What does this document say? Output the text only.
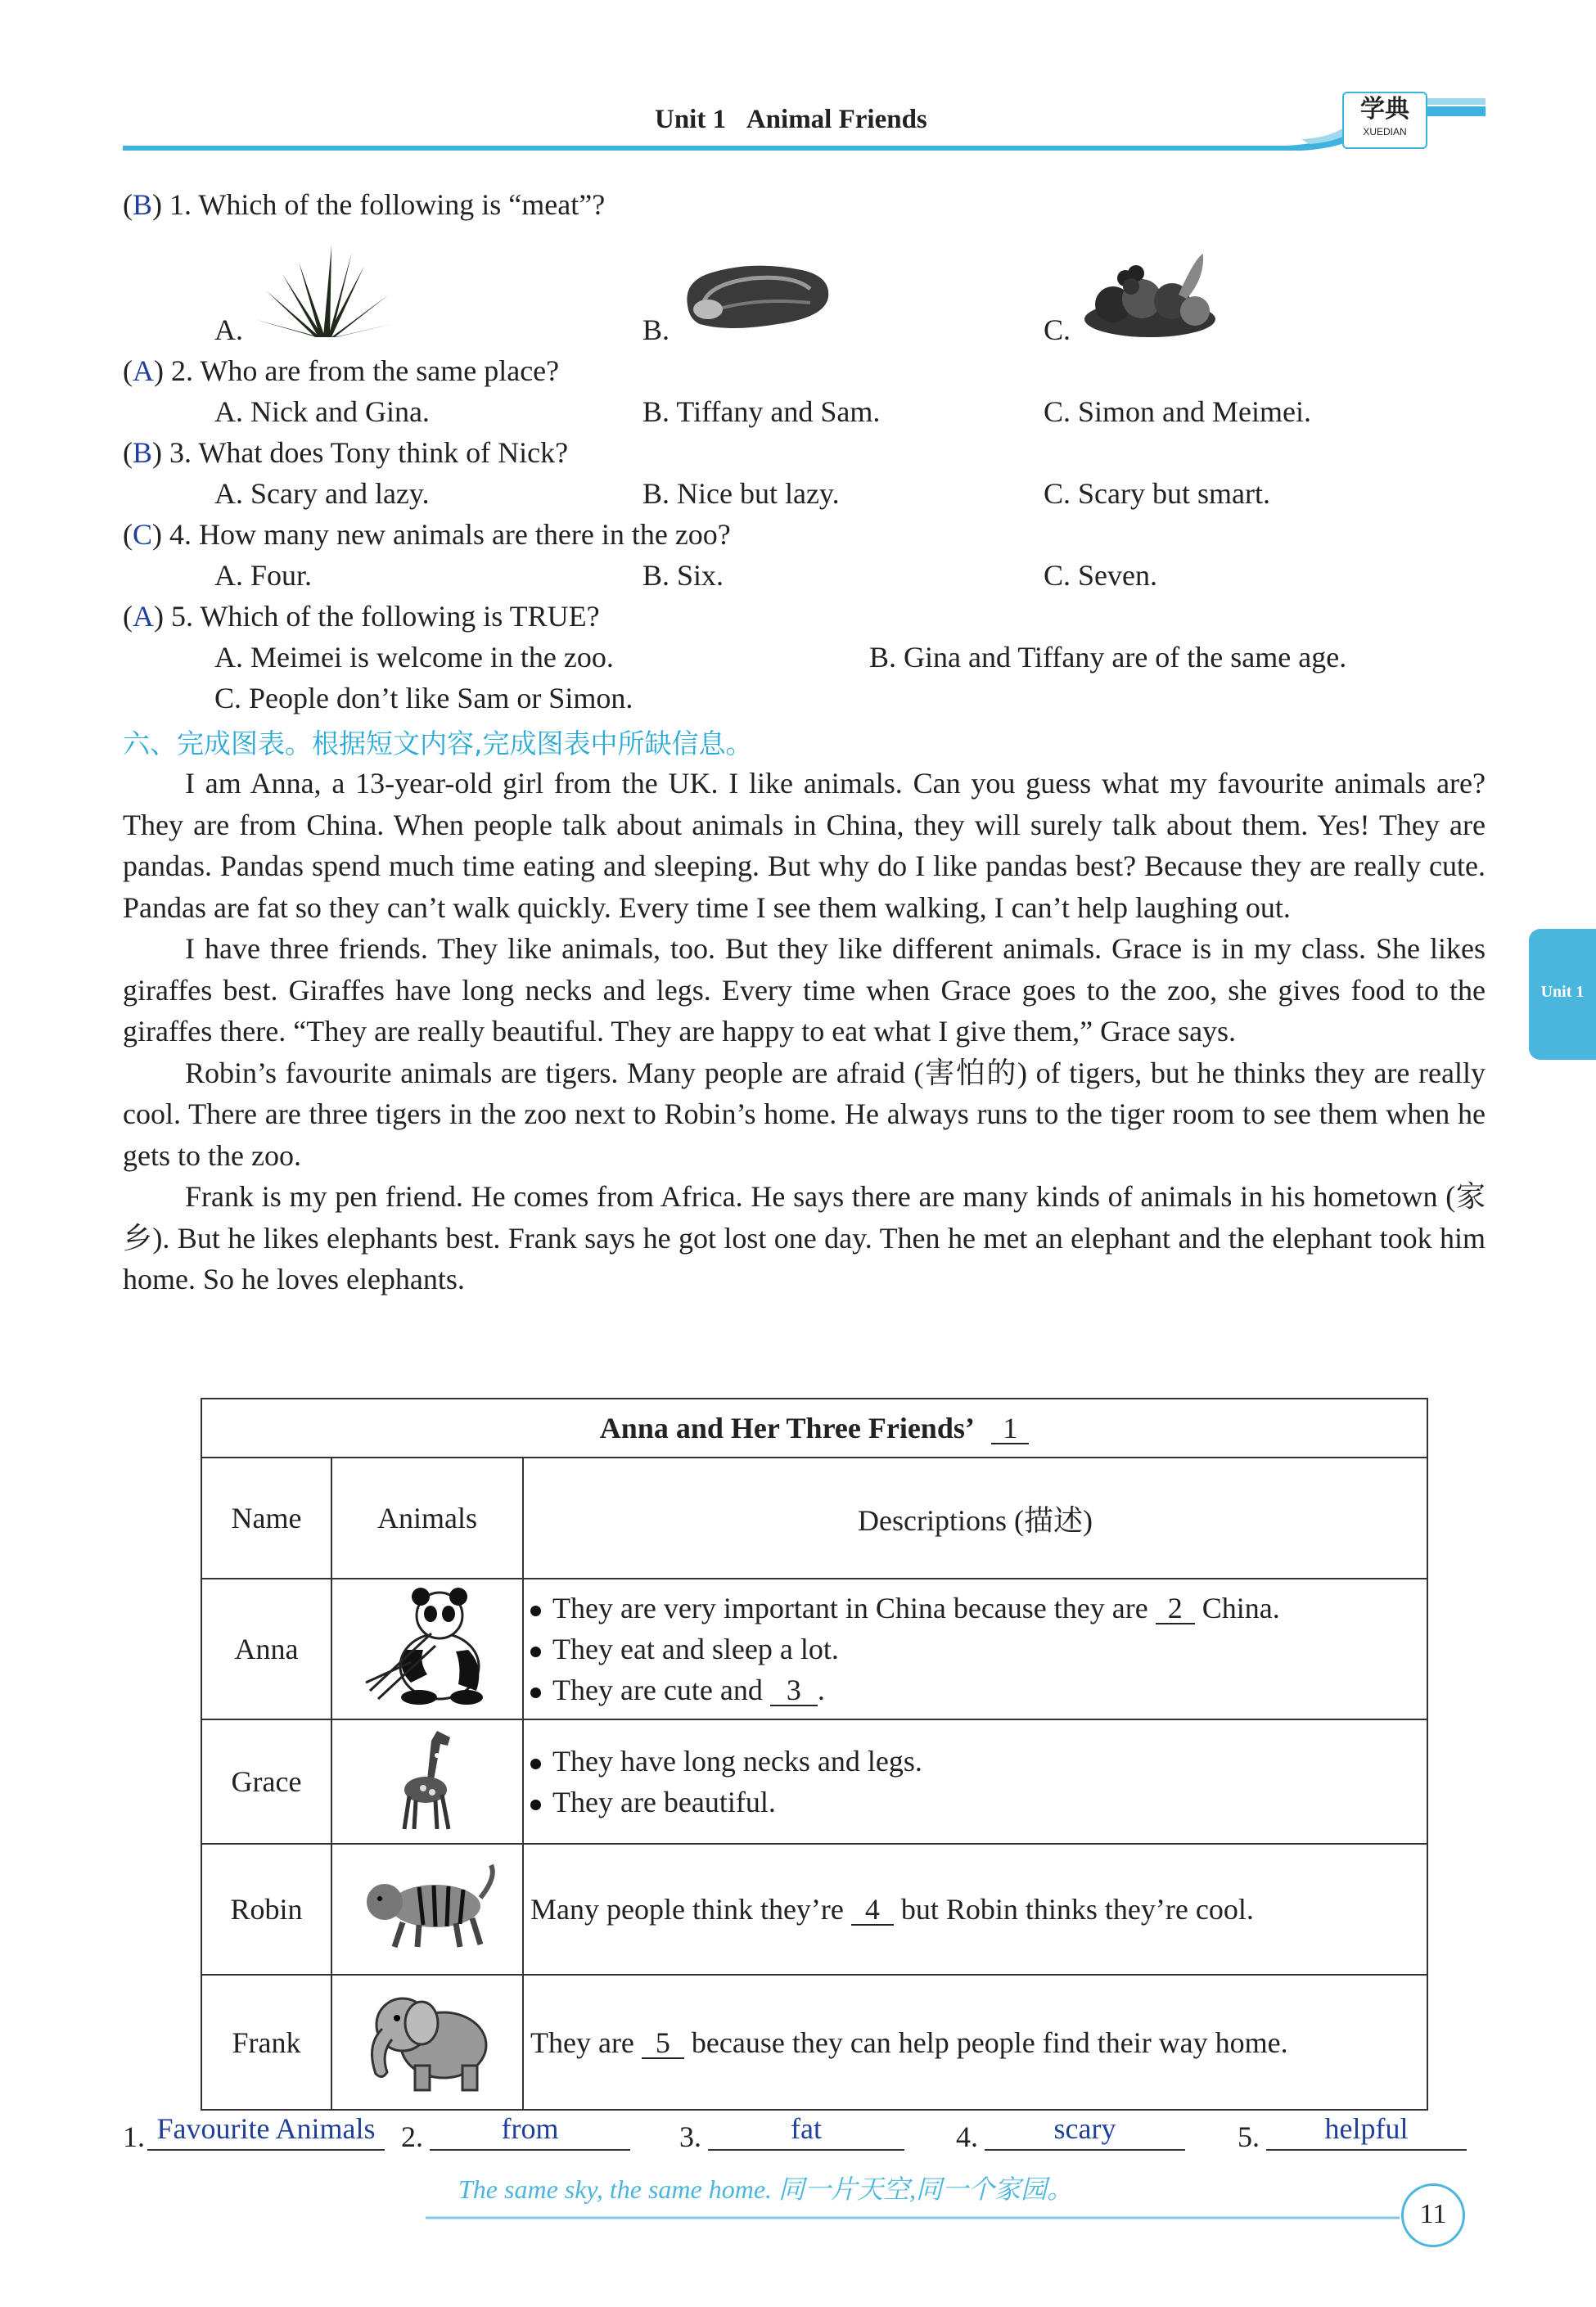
Unit 1 Animal Friends	学典
XUEDIAN
Unit 1
(B) 1. Which of the following is “meat”?
A.	B.	C.
(A) 2. Who are from the same place?
A. Nick and Gina.	B. Tiffany and Sam.	C. Simon and Meimei.
(B) 3. What does Tony think of Nick?
A. Scary and lazy.	B. Nice but lazy.	C. Scary but smart.
(C) 4. How many new animals are there in the zoo?
A. Four.	B. Six.	C. Seven.
(A) 5. Which of the following is TRUE?
A. Meimei is welcome in the zoo.	B. Gina and Tiffany are of the same age.
C. People don’t like Sam or Simon.
六、完成图表。根据短文内容,完成图表中所缺信息。

I am Anna, a 13-year-old girl from the UK. I like animals. Can you guess what my favourite animals are? They are from China. When people talk about animals in China, they will surely talk about them. Yes! They are pandas. Pandas spend much time eating and sleeping. But why do I like pandas best? Because they are really cute. Pandas are fat so they can’t walk quickly. Every time I see them walking, I can’t help laughing out.

I have three friends. They like animals, too. But they like different animals. Grace is in my class. She likes giraffes best. Giraffes have long necks and legs. Every time when Grace goes to the zoo, she gives food to the giraffes there. “They are really beautiful. They are happy to eat what I give them,” Grace says.

Robin’s favourite animals are tigers. Many people are afraid (害怕的) of tigers, but he thinks they are really cool. There are three tigers in the zoo next to Robin’s home. He always runs to the tiger room to see them when he gets to the zoo.

Frank is my pen friend. He comes from Africa. He says there are many kinds of animals in his hometown (家乡). But he likes elephants best. Frank says he got lost one day. Then he met an elephant and the elephant took him home. So he loves elephants.

Anna and Her Three Friends’ 1		
Name	Animals	Descriptions (描述)
Anna		They are very important in China because they are 2 China.

They eat and sleep a lot.

They are cute and 3 .

Grace		They have long necks and legs.

They are beautiful.

Robin		Many people think they’re 4 but Robin thinks they’re cool.
Frank		They are 5 because they can help people find their way home.
1. Favourite Animals 2.	from	3.	fat	4.	scary	5.	helpful
The same sky, the same home. 同一片天空,同一个家园。
11
